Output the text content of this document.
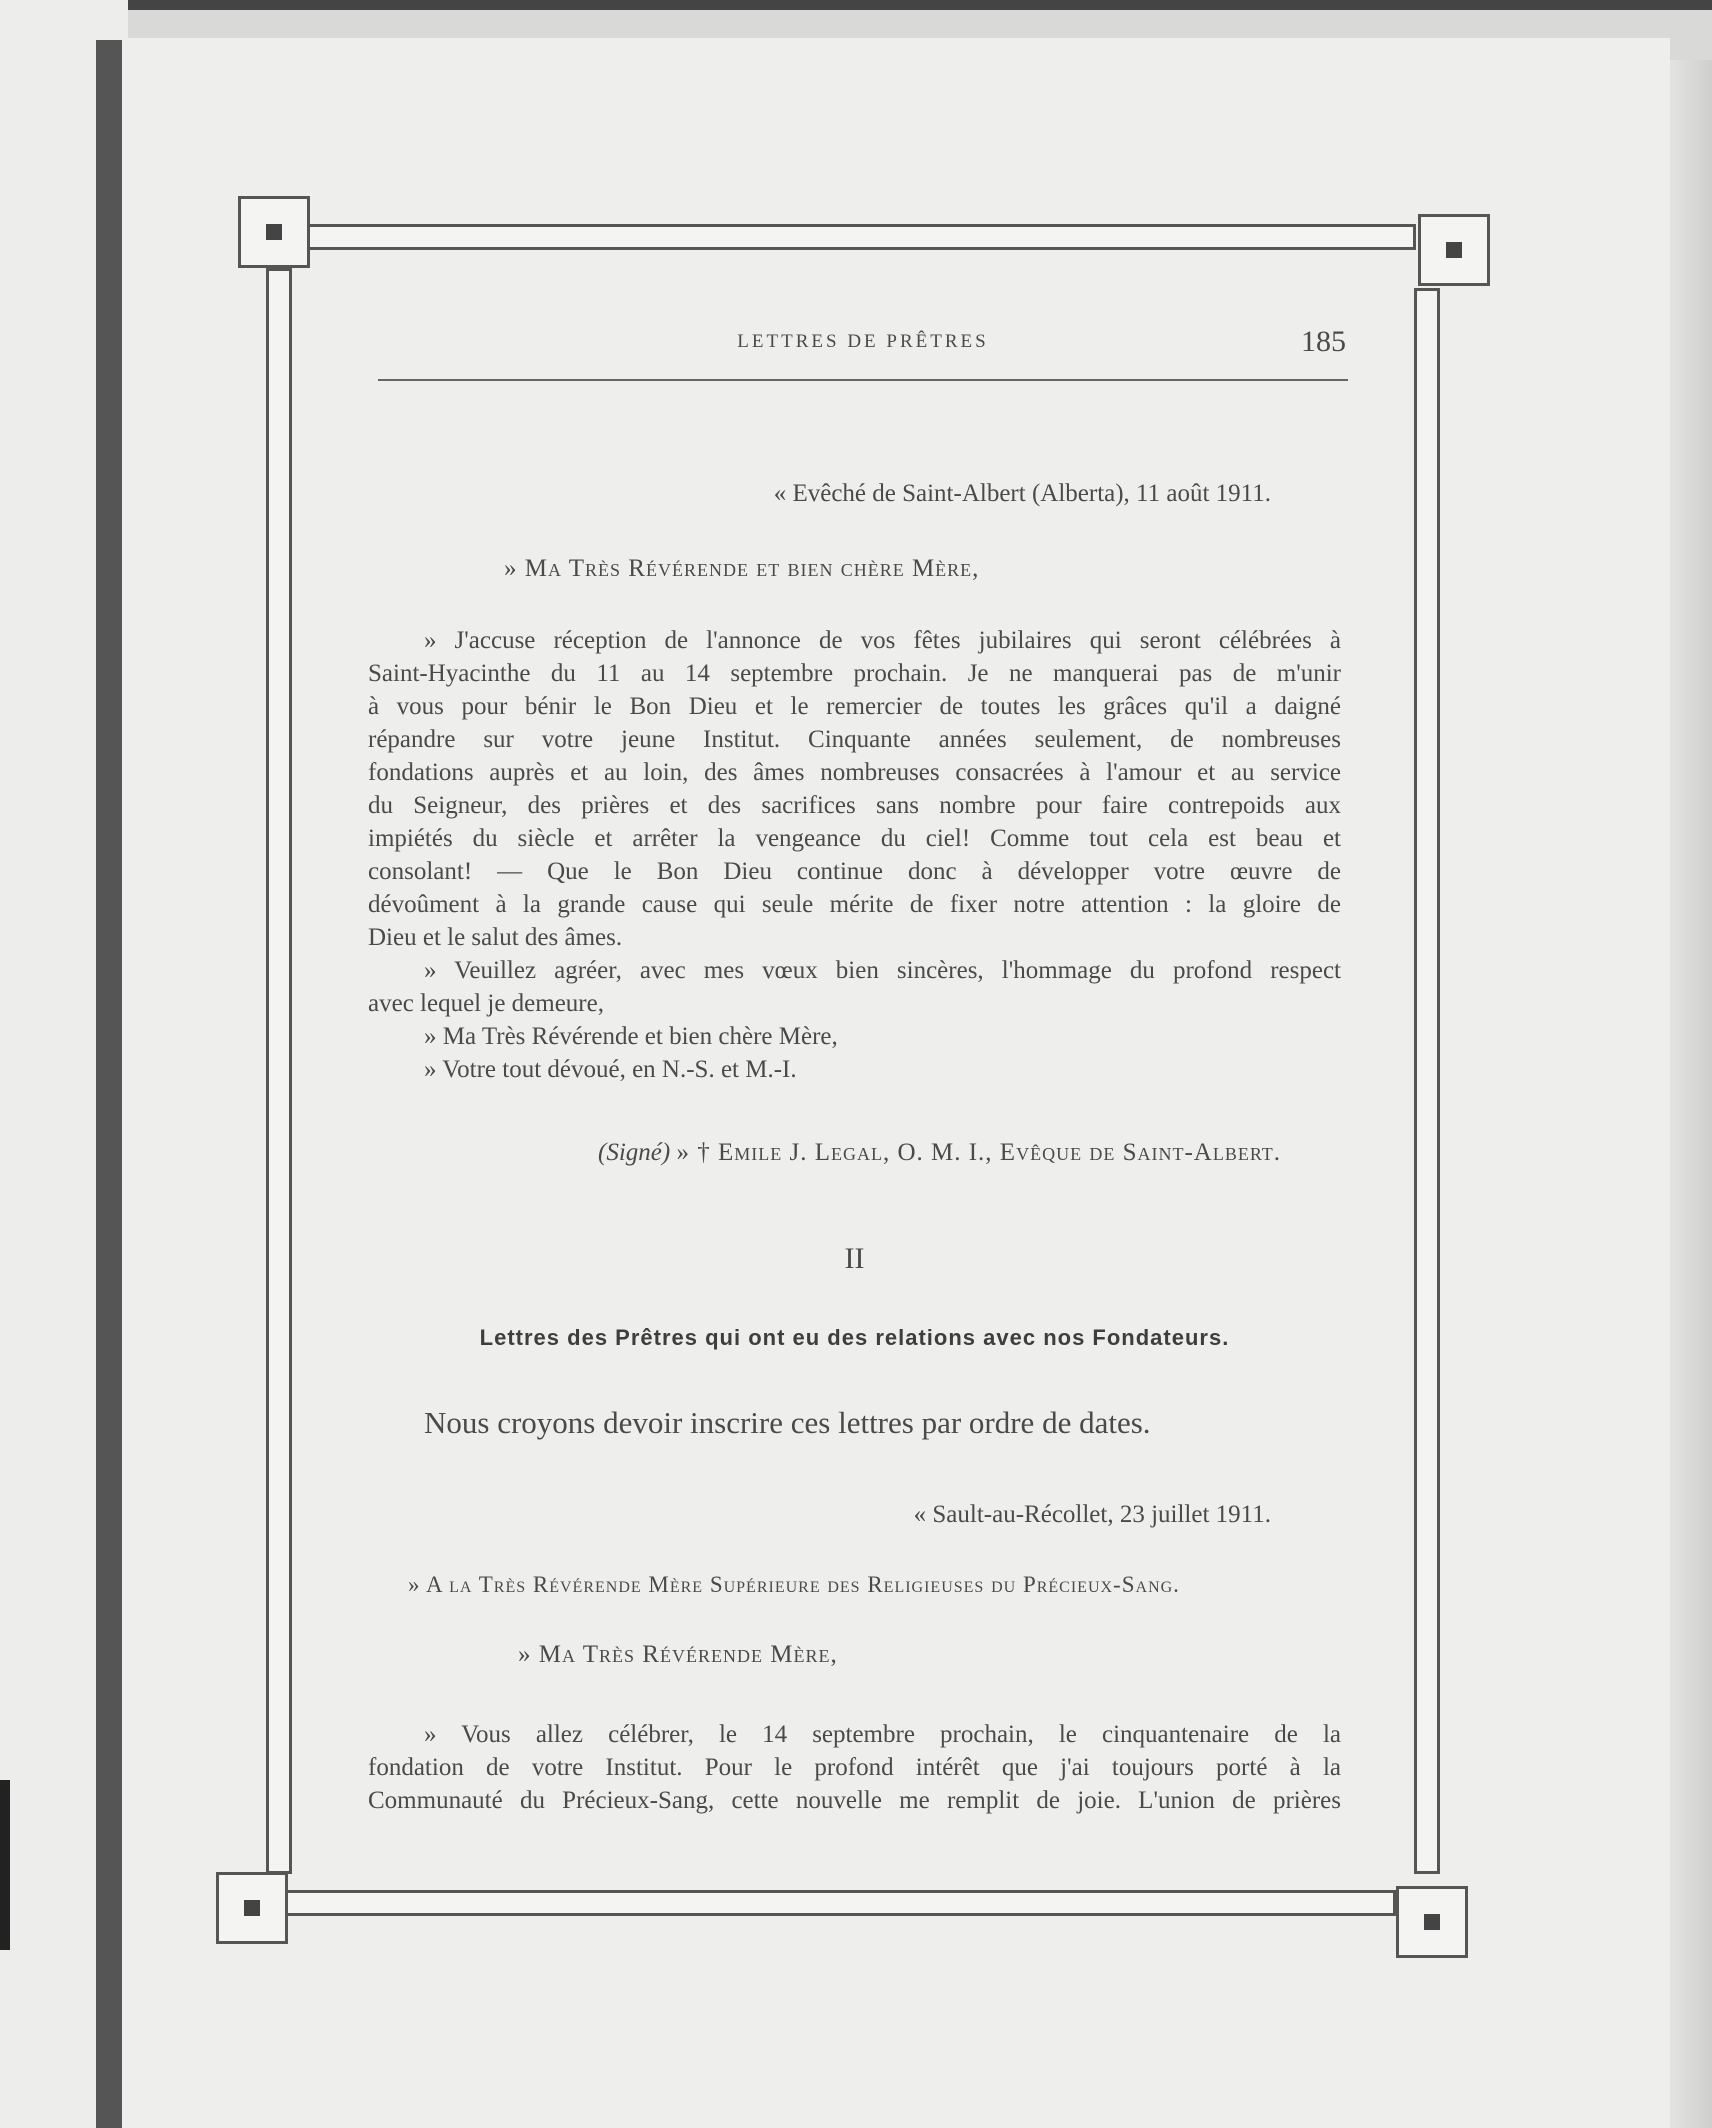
LETTRES DE PRÊTRES	185
« Evêché de Saint-Albert (Alberta), 11 août 1911.
» Ma Très Révérende et bien chère Mère,

» J'accuse réception de l'annonce de vos fêtes jubilaires qui seront célébrées à

Saint-Hyacinthe du 11 au 14 septembre prochain. Je ne manquerai pas de m'unir

à vous pour bénir le Bon Dieu et le remercier de toutes les grâces qu'il a daigné

répandre sur votre jeune Institut. Cinquante années seulement, de nombreuses

fondations auprès et au loin, des âmes nombreuses consacrées à l'amour et au service

du Seigneur, des prières et des sacrifices sans nombre pour faire contrepoids aux

impiétés du siècle et arrêter la vengeance du ciel! Comme tout cela est beau et

consolant! — Que le Bon Dieu continue donc à développer votre œuvre de

dévoûment à la grande cause qui seule mérite de fixer notre attention : la gloire de

Dieu et le salut des âmes.

» Veuillez agréer, avec mes vœux bien sincères, l'hommage du profond respect

avec lequel je demeure,

» Ma Très Révérende et bien chère Mère,

» Votre tout dévoué, en N.-S. et M.-I.

(Signé) » † Emile J. Legal, O. M. I., Evêque de Saint-Albert.
II
Lettres des Prêtres qui ont eu des relations avec nos Fondateurs.
Nous croyons devoir inscrire ces lettres par ordre de dates.
« Sault-au-Récollet, 23 juillet 1911.
» A la Très Révérende Mère Supérieure des Religieuses du Précieux-Sang.
» Ma Très Révérende Mère,

» Vous allez célébrer, le 14 septembre prochain, le cinquantenaire de la

fondation de votre Institut. Pour le profond intérêt que j'ai toujours porté à la

Communauté du Précieux-Sang, cette nouvelle me remplit de joie. L'union de prières
